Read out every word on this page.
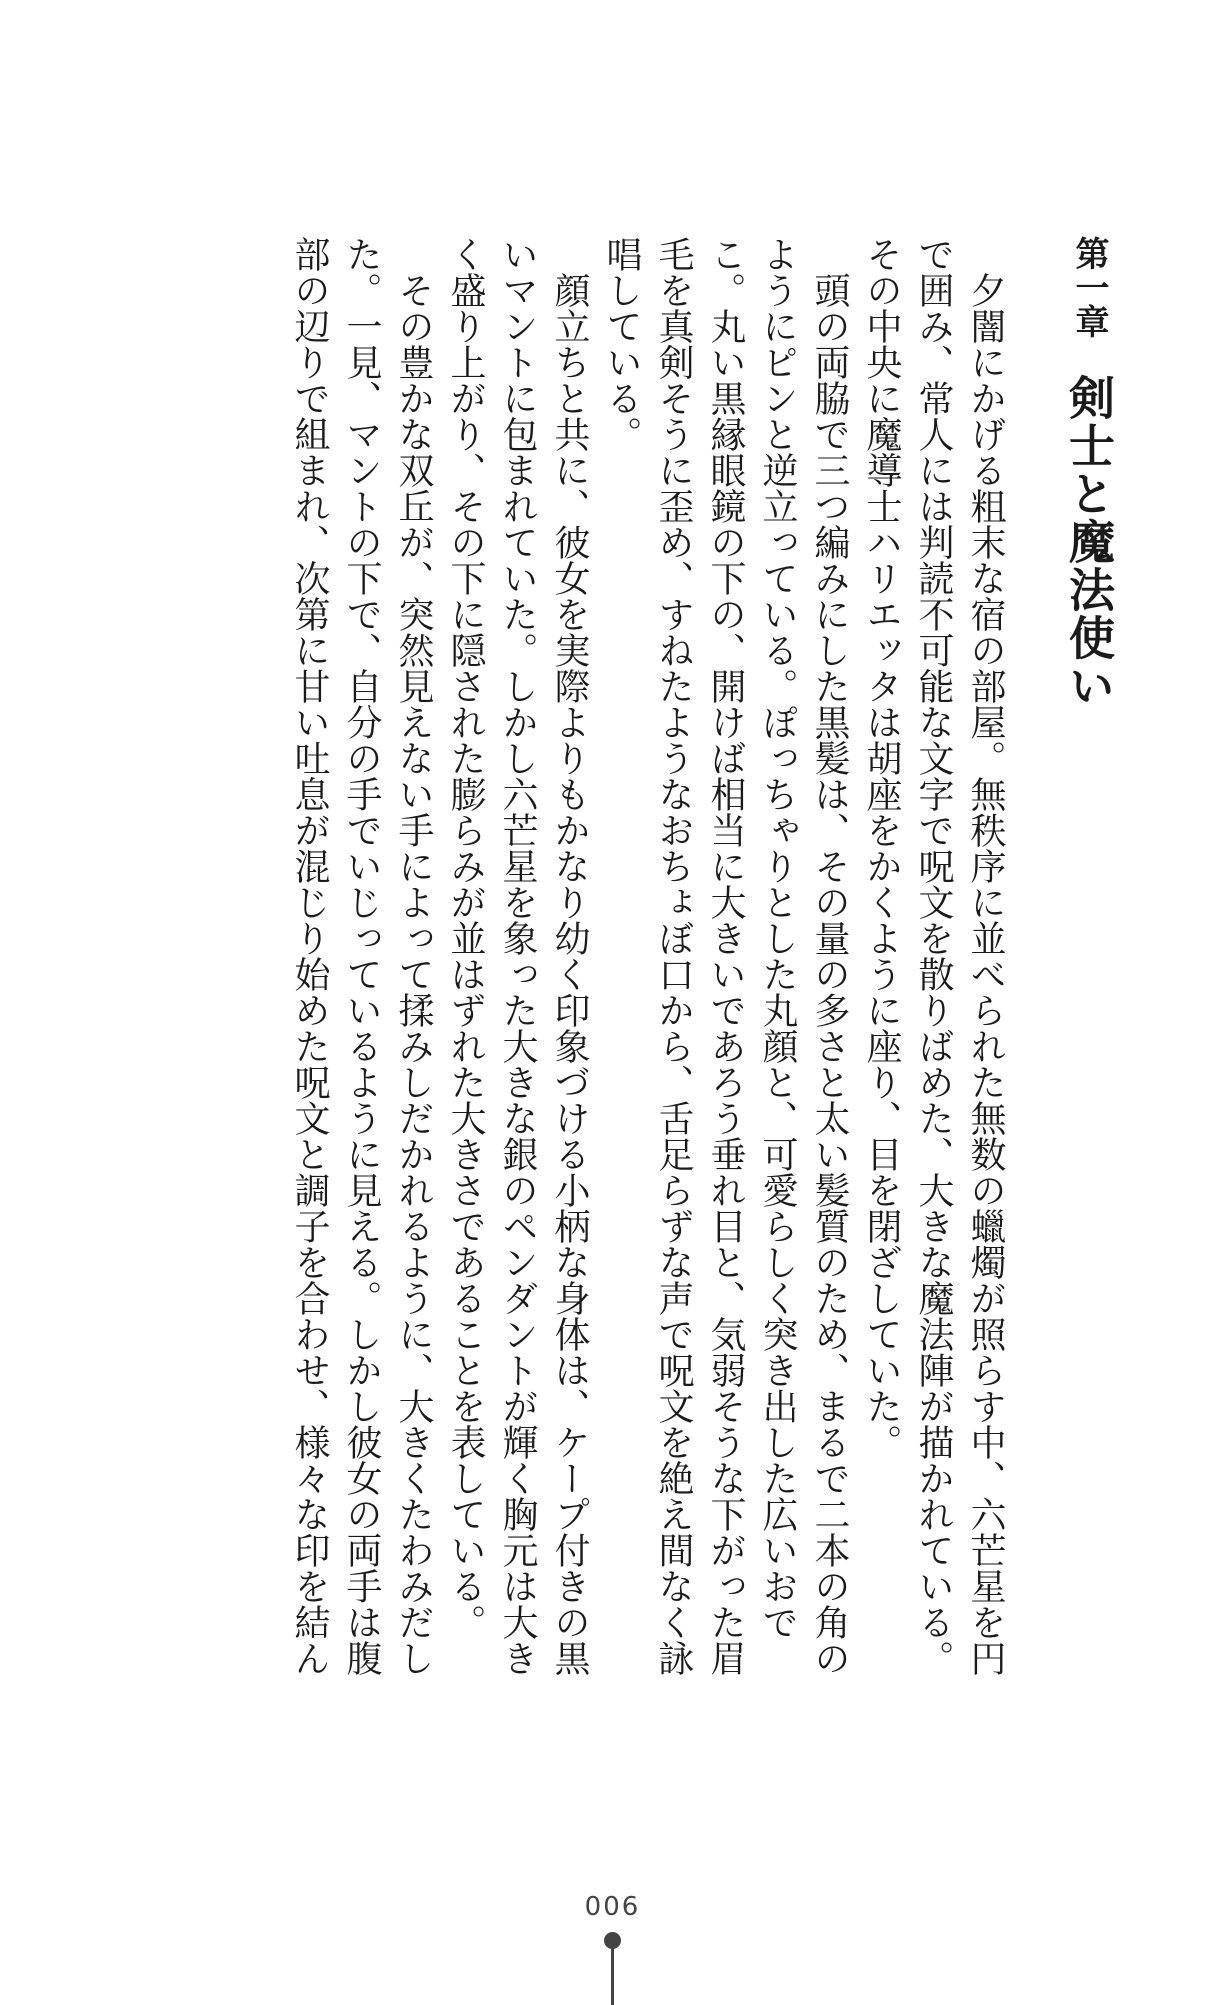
第一章剣士と魔法使い

夕闇にかげる粗末な宿の部屋。無秩序に並べられた無数の蠟燭が照らす中、六芒星を円で囲み、常人には判読不可能な文字で呪文を散りばめた、大きな魔法陣が描かれている。その中央に魔導士ハリエッタは胡座をかくように座り、目を閉ざしていた。

頭の両脇で三つ編みにした黒髪は、その量の多さと太い髪質のため、まるで二本の角のようにピンと逆立っている。ぽっちゃりとした丸顔と、可愛らしく突き出した広いおでこ。丸い黒縁眼鏡の下の、開けば相当に大きいであろう垂れ目と、気弱そうな下がった眉毛を真剣そうに歪め、すねたようなおちょぼ口から、舌足らずな声で呪文を絶え間なく詠唱している。

顔立ちと共に、彼女を実際よりもかなり幼く印象づける小柄な身体は、ケープ付きの黒いマントに包まれていた。しかし六芒星を象った大きな銀のペンダントが輝く胸元は大きく盛り上がり、その下に隠された膨らみが並はずれた大きさであることを表している。

その豊かな双丘が、突然見えない手によって揉みしだかれるように、大きくたわみだした。一見、マントの下で、自分の手でいじっているように見える。しかし彼女の両手は腹部の辺りで組まれ、次第に甘い吐息が混じり始めた呪文と調子を合わせ、様々な印を結ん

006
